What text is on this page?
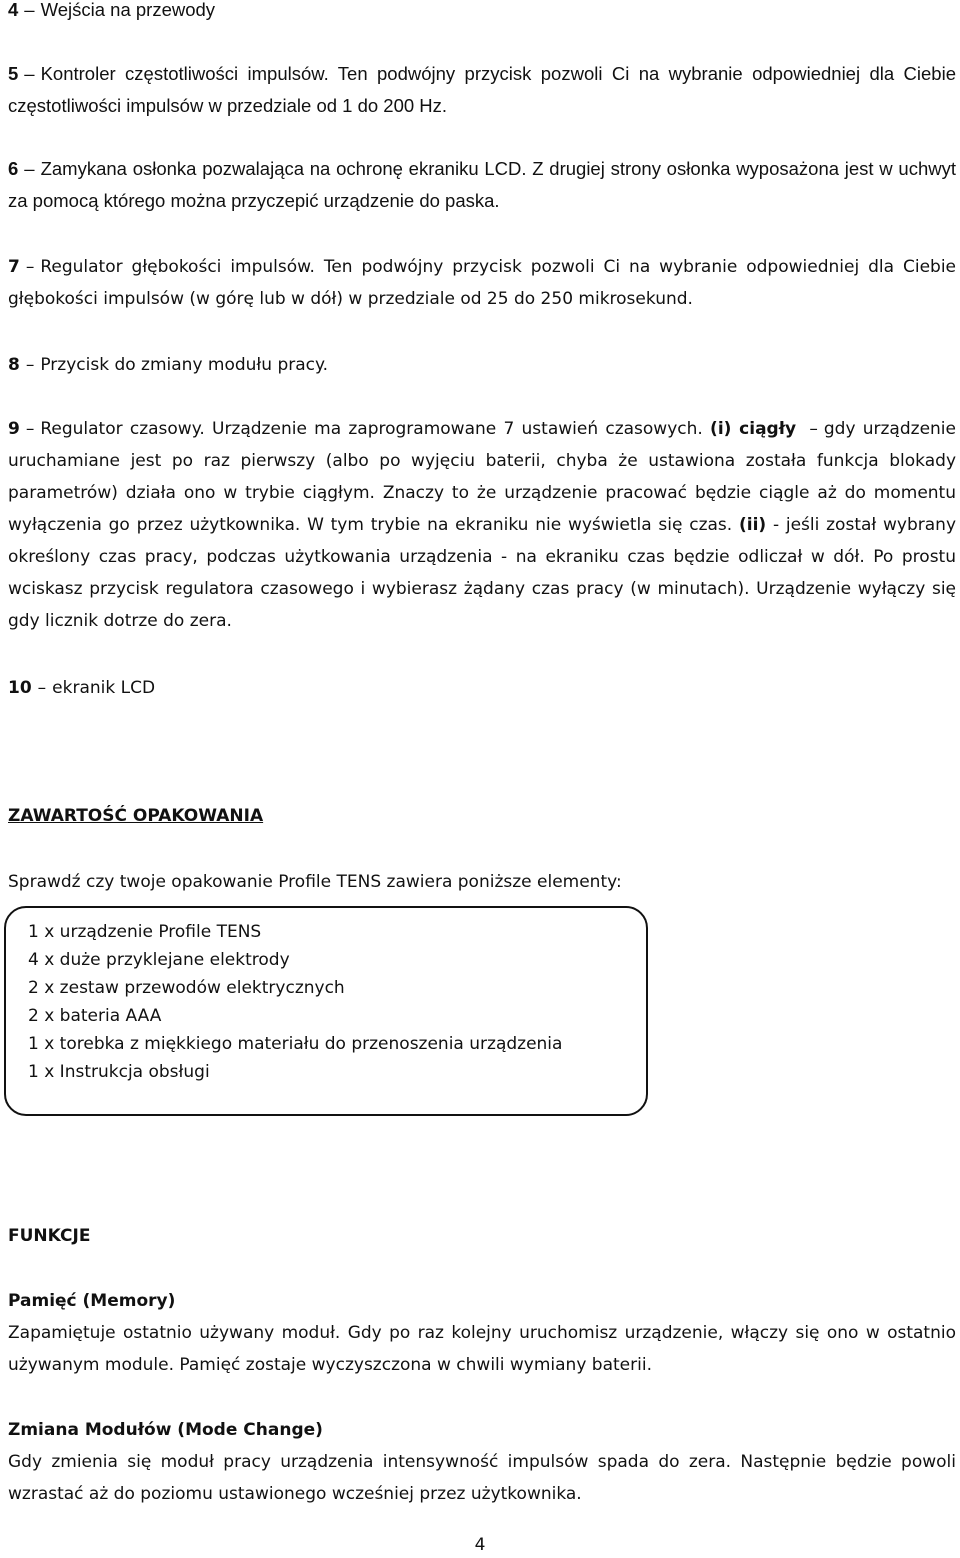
4 – Wejścia na przewody
5 – Kontroler częstotliwości impulsów. Ten podwójny przycisk pozwoli Ci na wybranie odpowiedniej dla Ciebie częstotliwości impulsów w przedziale od 1 do 200 Hz.
6 – Zamykana osłonka pozwalająca na ochronę ekraniku LCD. Z drugiej strony osłonka wyposażona jest w uchwyt za pomocą którego można przyczepić urządzenie do paska.
7 – Regulator głębokości impulsów. Ten podwójny przycisk pozwoli Ci na wybranie odpowiedniej dla Ciebie głębokości impulsów (w górę lub w dół) w przedziale od 25 do 250 mikrosekund.
8 – Przycisk do zmiany modułu pracy.
9 – Regulator czasowy. Urządzenie ma zaprogramowane 7 ustawień czasowych. (i) ciągły – gdy urządzenie uruchamiane jest po raz pierwszy (albo po wyjęciu baterii, chyba że ustawiona została funkcja blokady parametrów) działa ono w trybie ciągłym. Znaczy to że urządzenie pracować będzie ciągle aż do momentu wyłączenia go przez użytkownika. W tym trybie na ekraniku nie wyświetla się czas. (ii) - jeśli został wybrany określony czas pracy, podczas użytkowania urządzenia - na ekraniku czas będzie odliczał w dół. Po prostu wciskasz przycisk regulatora czasowego i wybierasz żądany czas pracy (w minutach). Urządzenie wyłączy się gdy licznik dotrze do zera.
10 – ekranik LCD
ZAWARTOŚĆ OPAKOWANIA
Sprawdź czy twoje opakowanie Profile TENS zawiera poniższe elementy:
1 x urządzenie Profile TENS
4 x duże przyklejane elektrody
2 x zestaw przewodów elektrycznych
2 x bateria AAA
1 x torebka z miękkiego materiału do przenoszenia urządzenia
1 x Instrukcja obsługi
FUNKCJE
Pamięć (Memory)
Zapamiętuje ostatnio używany moduł. Gdy po raz kolejny uruchomisz urządzenie, włączy się ono w ostatnio używanym module. Pamięć zostaje wyczyszczona w chwili wymiany baterii.
Zmiana Modułów (Mode Change)
Gdy zmienia się moduł pracy urządzenia intensywność impulsów spada do zera. Następnie będzie powoli wzrastać aż do poziomu ustawionego wcześniej przez użytkownika.
4
